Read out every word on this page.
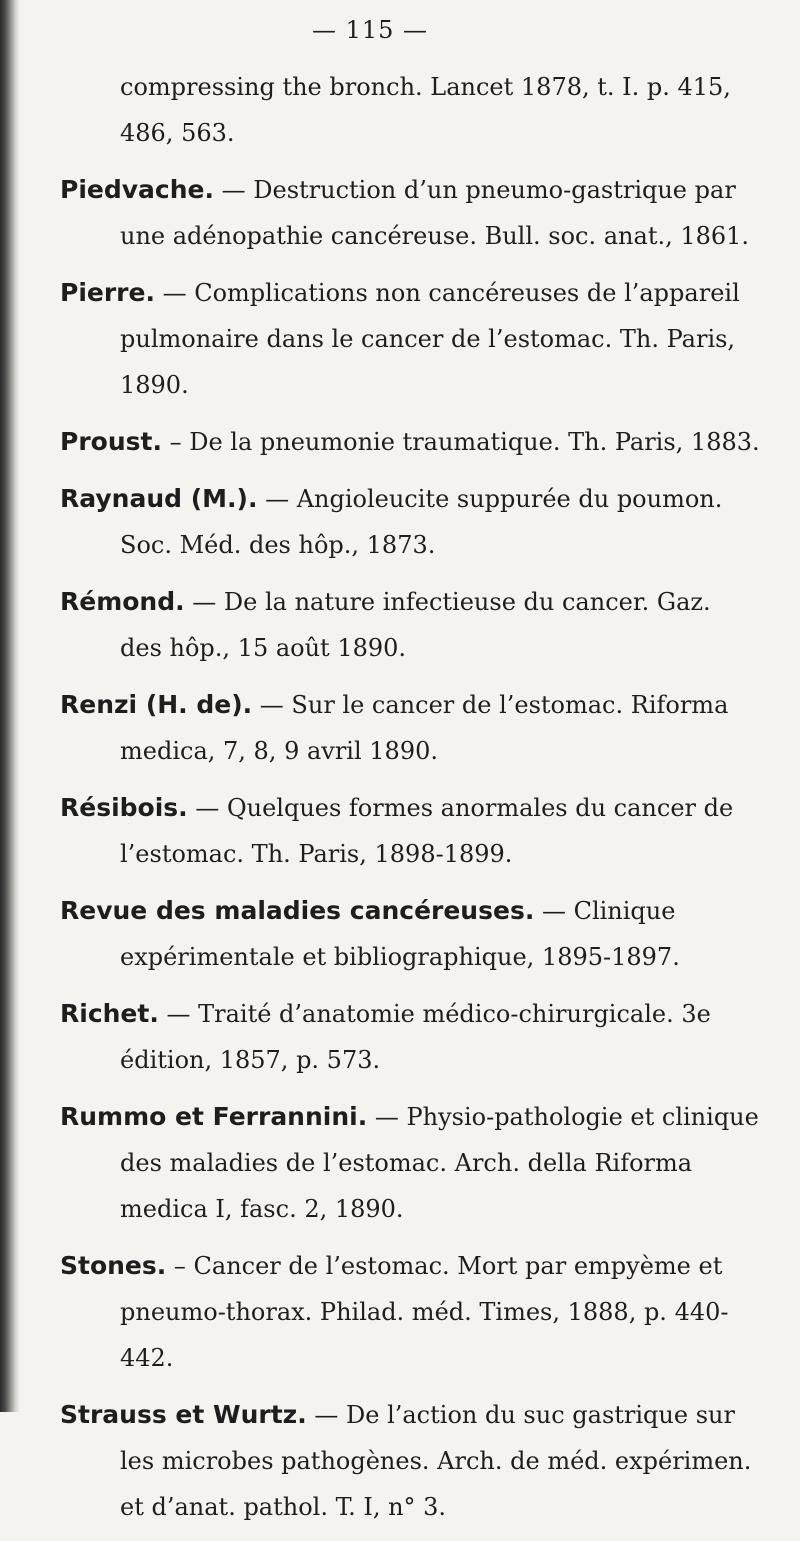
— 115 —

compressing the bronch. Lancet 1878, t. I. p. 415, 486, 563.

Piedvache. — Destruction d’un pneumo-gastrique par une adénopathie cancéreuse. Bull. soc. anat., 1861.

Pierre. — Complications non cancéreuses de l’appareil pulmonaire dans le cancer de l’estomac. Th. Paris, 1890.

Proust. – De la pneumonie traumatique. Th. Paris, 1883.

Raynaud (M.). — Angioleucite suppurée du poumon. Soc. Méd. des hôp., 1873.

Rémond. — De la nature infectieuse du cancer. Gaz. des hôp., 15 août 1890.

Renzi (H. de). — Sur le cancer de l’estomac. Riforma medica, 7, 8, 9 avril 1890.

Résibois. — Quelques formes anormales du cancer de l’estomac. Th. Paris, 1898-1899.

Revue des maladies cancéreuses. — Clinique expérimentale et bibliographique, 1895-1897.

Richet. — Traité d’anatomie médico-chirurgicale. 3e édition, 1857, p. 573.

Rummo et Ferrannini. — Physio-pathologie et clinique des maladies de l’estomac. Arch. della Riforma medica I, fasc. 2, 1890.

Stones. – Cancer de l’estomac. Mort par empyème et pneumo-thorax. Philad. méd. Times, 1888, p. 440-442.

Strauss et Wurtz. — De l’action du suc gastrique sur les microbes pathogènes. Arch. de méd. expérimen. et d’anat. pathol. T. I, n° 3.
